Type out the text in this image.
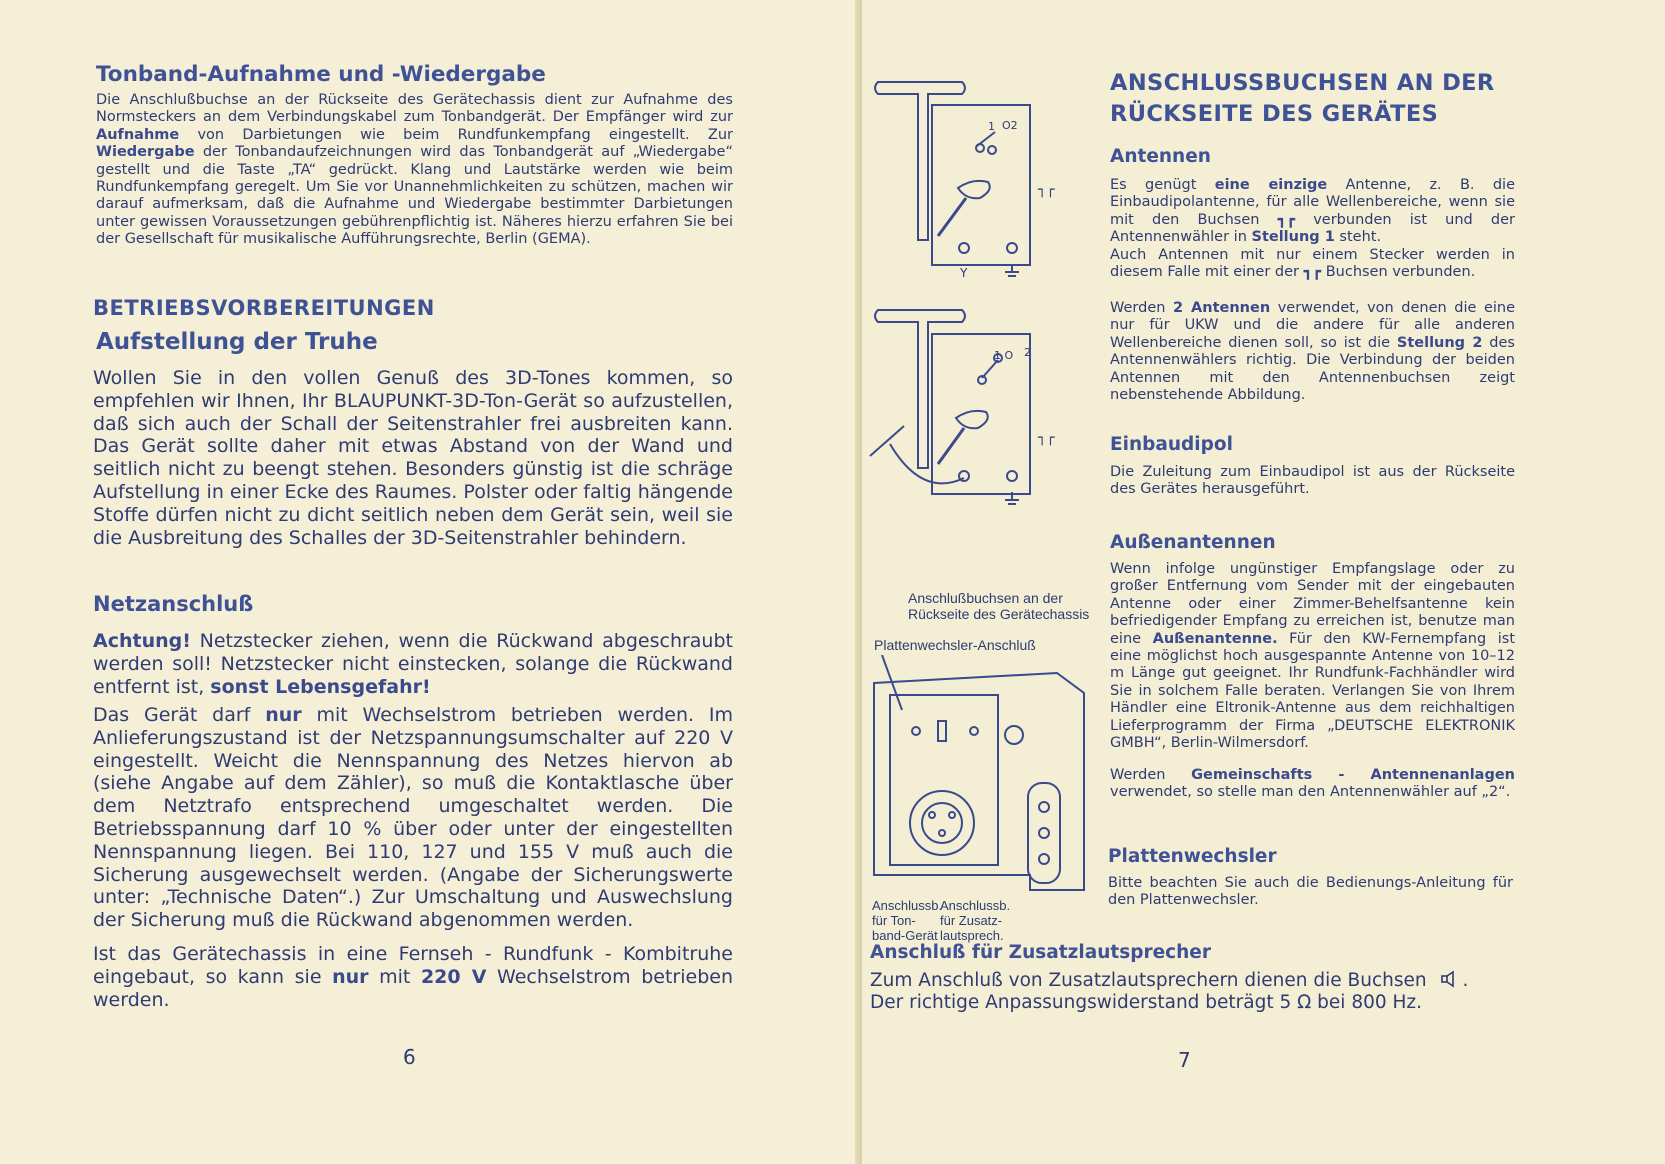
Tonband-Aufnahme und -Wiedergabe
Die Anschlußbuchse an der Rückseite des Gerätechassis dient zur Aufnahme des Normsteckers an dem Verbindungskabel zum Tonbandgerät. Der Empfänger wird zur Aufnahme von Darbietungen wie beim Rundfunkempfang eingestellt. Zur Wiedergabe der Tonbandaufzeichnungen wird das Tonbandgerät auf „Wiedergabe“ gestellt und die Taste „TA“ gedrückt. Klang und Lautstärke werden wie beim Rundfunkempfang geregelt. Um Sie vor Unannehmlichkeiten zu schützen, machen wir darauf aufmerksam, daß die Aufnahme und Wiedergabe bestimmter Darbietungen unter gewissen Voraussetzungen gebührenpflichtig ist. Näheres hierzu erfahren Sie bei der Gesellschaft für musikalische Aufführungsrechte, Berlin (GEMA).
BETRIEBSVORBEREITUNGEN
Aufstellung der Truhe
Wollen Sie in den vollen Genuß des 3D-Tones kommen, so empfehlen wir Ihnen, Ihr BLAUPUNKT-3D-Ton-Gerät so aufzustellen, daß sich auch der Schall der Seitenstrahler frei ausbreiten kann. Das Gerät sollte daher mit etwas Abstand von der Wand und seitlich nicht zu beengt stehen. Besonders günstig ist die schräge Aufstellung in einer Ecke des Raumes. Polster oder faltig hängende Stoffe dürfen nicht zu dicht seitlich neben dem Gerät sein, weil sie die Ausbreitung des Schalles der 3D-Seitenstrahler behindern.
Netzanschluß
Achtung! Netzstecker ziehen, wenn die Rückwand abgeschraubt werden soll! Netzstecker nicht einstecken, solange die Rückwand entfernt ist, sonst Lebensgefahr!
Das Gerät darf nur mit Wechselstrom betrieben werden. Im Anlieferungszustand ist der Netzspannungsumschalter auf 220 V eingestellt. Weicht die Nennspannung des Netzes hiervon ab (siehe Angabe auf dem Zähler), so muß die Kontaktlasche über dem Netztrafo entsprechend umgeschaltet werden. Die Betriebsspannung darf 10 % über oder unter der eingestellten Nennspannung liegen. Bei 110, 127 und 155 V muß auch die Sicherung ausgewechselt werden. (Angabe der Sicherungswerte unter: „Technische Daten“.) Zur Umschaltung und Auswechslung der Sicherung muß die Rückwand abgenommen werden.
Ist das Gerätechassis in eine Fernseh - Rundfunk - Kombitruhe eingebaut, so kann sie nur mit 220 V Wechselstrom betrieben werden.
6
1 O2
┐┌
Y
1 O 2
┐┌
Anschlußbuchsen an der
Rückseite des Gerätechassis
Plattenwechsler-Anschluß
Anschlussb.
für Ton-
band-Gerät
Anschlussb.
für Zusatz-
lautsprech.
ANSCHLUSSBUCHSEN AN DER
RÜCKSEITE DES GERÄTES
Antennen
Es genügt eine einzige Antenne, z. B. die Einbaudipolantenne, für alle Wellenbereiche, wenn sie mit den Buchsen ┓┏ verbunden ist und der Antennenwähler in Stellung 1 steht.
Auch Antennen mit nur einem Stecker werden in diesem Falle mit einer der ┓┏ Buchsen verbunden.
Werden 2 Antennen verwendet, von denen die eine nur für UKW und die andere für alle anderen Wellenbereiche dienen soll, so ist die Stellung 2 des Antennenwählers richtig. Die Verbindung der beiden Antennen mit den Antennenbuchsen zeigt nebenstehende Abbildung.
Einbaudipol
Die Zuleitung zum Einbaudipol ist aus der Rückseite des Gerätes herausgeführt.
Außenantennen
Wenn infolge ungünstiger Empfangslage oder zu großer Entfernung vom Sender mit der eingebauten Antenne oder einer Zimmer-Behelfsantenne kein befriedigender Empfang zu erreichen ist, benutze man eine Außenantenne. Für den KW-Fernempfang ist eine möglichst hoch ausgespannte Antenne von 10–12 m Länge gut geeignet. Ihr Rundfunk-Fachhändler wird Sie in solchem Falle beraten. Verlangen Sie von Ihrem Händler eine Eltronik-Antenne aus dem reichhaltigen Lieferprogramm der Firma „DEUTSCHE ELEKTRONIK GMBH“, Berlin-Wilmersdorf.
Werden Gemeinschafts - Antennenanlagen verwendet, so stelle man den Antennenwähler auf „2“.
Plattenwechsler
Bitte beachten Sie auch die Bedienungs-Anleitung für den Plattenwechsler.
Anschluß für Zusatzlautsprecher
Zum Anschluß von Zusatzlautsprechern dienen die Buchsen .
Der richtige Anpassungswiderstand beträgt 5 Ω bei 800 Hz.
7
